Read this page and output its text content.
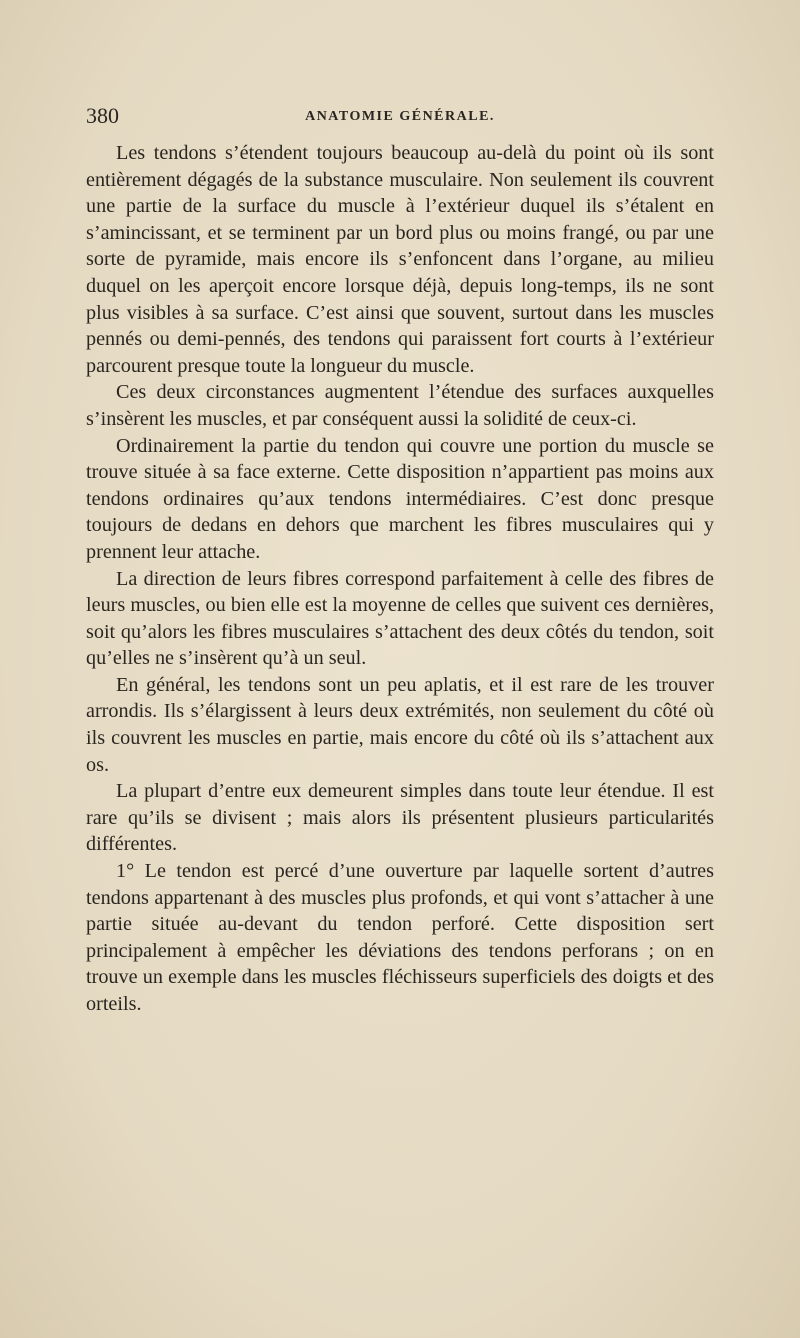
380	ANATOMIE GÉNÉRALE.

Les tendons s’étendent toujours beaucoup au-delà du point où ils sont entièrement dégagés de la substance musculaire. Non seulement ils couvrent une partie de la surface du muscle à l’extérieur duquel ils s’étalent en s’amincissant, et se terminent par un bord plus ou moins frangé, ou par une sorte de pyramide, mais encore ils s’enfoncent dans l’organe, au milieu duquel on les aperçoit encore lorsque déjà, depuis long-temps, ils ne sont plus visibles à sa surface. C’est ainsi que souvent, surtout dans les muscles pennés ou demi-pennés, des tendons qui paraissent fort courts à l’extérieur parcourent presque toute la longueur du muscle.

Ces deux circonstances augmentent l’étendue des surfaces auxquelles s’insèrent les muscles, et par conséquent aussi la solidité de ceux-ci.

Ordinairement la partie du tendon qui couvre une portion du muscle se trouve située à sa face externe. Cette disposition n’appartient pas moins aux tendons ordinaires qu’aux tendons intermédiaires. C’est donc presque toujours de dedans en dehors que marchent les fibres musculaires qui y prennent leur attache.

La direction de leurs fibres correspond parfaitement à celle des fibres de leurs muscles, ou bien elle est la moyenne de celles que suivent ces dernières, soit qu’alors les fibres musculaires s’attachent des deux côtés du tendon, soit qu’elles ne s’insèrent qu’à un seul.

En général, les tendons sont un peu aplatis, et il est rare de les trouver arrondis. Ils s’élargissent à leurs deux extrémités, non seulement du côté où ils couvrent les muscles en partie, mais encore du côté où ils s’attachent aux os.

La plupart d’entre eux demeurent simples dans toute leur étendue. Il est rare qu’ils se divisent ; mais alors ils présentent plusieurs particularités différentes.

1° Le tendon est percé d’une ouverture par laquelle sortent d’autres tendons appartenant à des muscles plus profonds, et qui vont s’attacher à une partie située au-devant du tendon perforé. Cette disposition sert principalement à empêcher les déviations des tendons perforans ; on en trouve un exemple dans les muscles fléchisseurs superficiels des doigts et des orteils.
